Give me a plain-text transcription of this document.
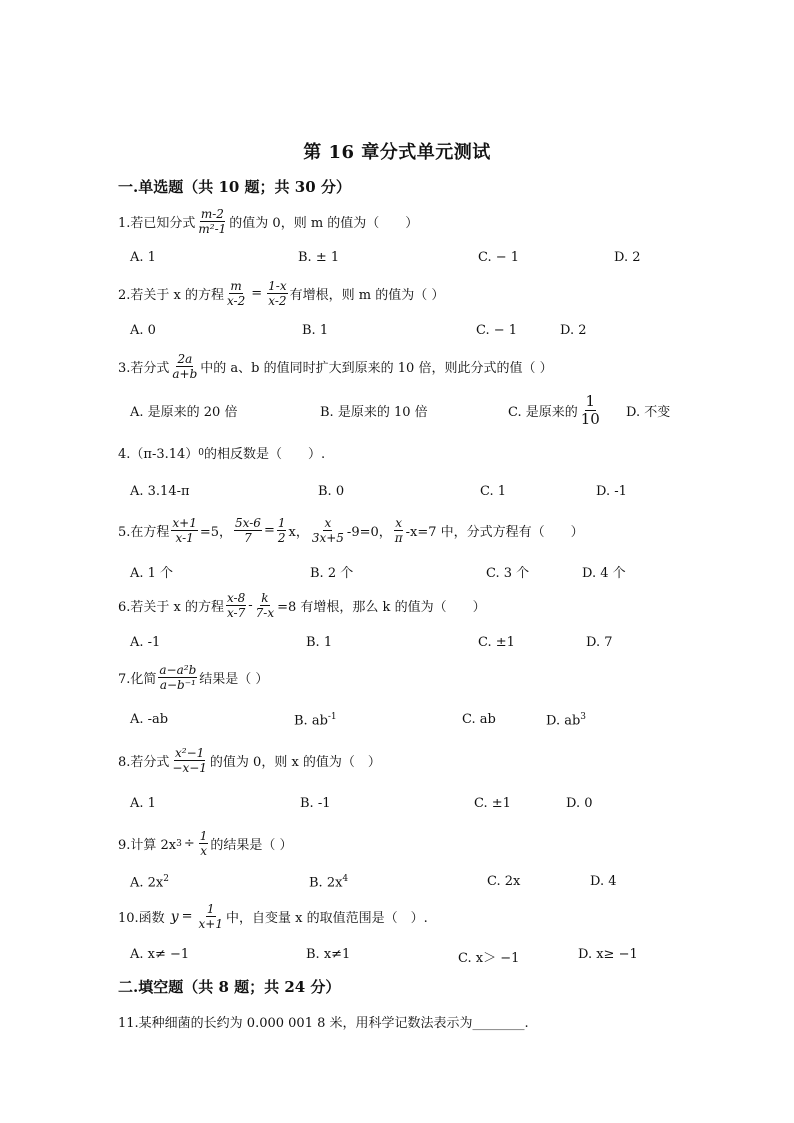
第 16 章分式单元测试
一.单选题（共 10 题；共 30 分）
1.若已知分式 $\frac{m-2}{\text{m²-1}}$ 的值为 0，则 m 的值为（　　）
A. 1	B. ± 1	C. − 1	D. 2
2.若关于 x 的方程 $\frac{m}{x-2} = \frac{1-x}{x-2}$ 有增根，则 m 的值为（ ）
A. 0	B. 1	C. − 1	D. 2
3.若分式 $\frac{2a}{a+b}$ 中的 a、b 的值同时扩大到原来的 10 倍，则此分式的值（ ）
A. 是原来的 20 倍	B. 是原来的 10 倍	C. 是原来的 $\frac{1}{10} D$. 不变
4.（π-3.14） 0 的相反数是（　　）.
A. 3.14-π	B. 0	C. 1	D. -1
5.在方程 $\frac{x+1}{x-1} =5$， $\frac{5x-6}{7} = \frac{1}{2}$ x， $\frac{x}{3x+5} -9=0$， $\frac{x}{\pi} -x=7$ 中，分式方程有（　　）
A. 1 个	B. 2 个	C. 3 个	D. 4 个
6.若关于 x 的方程 $\frac{x-8}{x-7} - \frac{k}{7-x} =8$ 有增根，那么 k 的值为（　　）
A. -1	B. 1	C. ±1	D. 7
7.化简 $\frac{\text{a−a²b}}{\text{a−b⁻¹}}$ 结果是（ ）
A. -ab	B. $ab^{-1}$	C. ab	D. $ab^3$
8.若分式 $\frac{\text{x²−1}}{-x-1}$ 的值为 0，则 x 的值为（　）
A. 1	B. -1	C. ±1	D. 0
9.计算 2x $3 \div \frac{1}{x}$ 的结果是（ ）
A. $2x^2$	B. $2x^4$	C. 2x	D. 4
10.函数 $y = \frac{1}{x+1}$ 中，自变量 x 的取值范围是（　）.
A. x≠ −1	B. x≠1	C. x＞ −1	D. x≥ −1
二.填空题（共 8 题；共 24 分）
11.某种细菌的长约为 0.000 001 8 米，用科学记数法表示为________.
